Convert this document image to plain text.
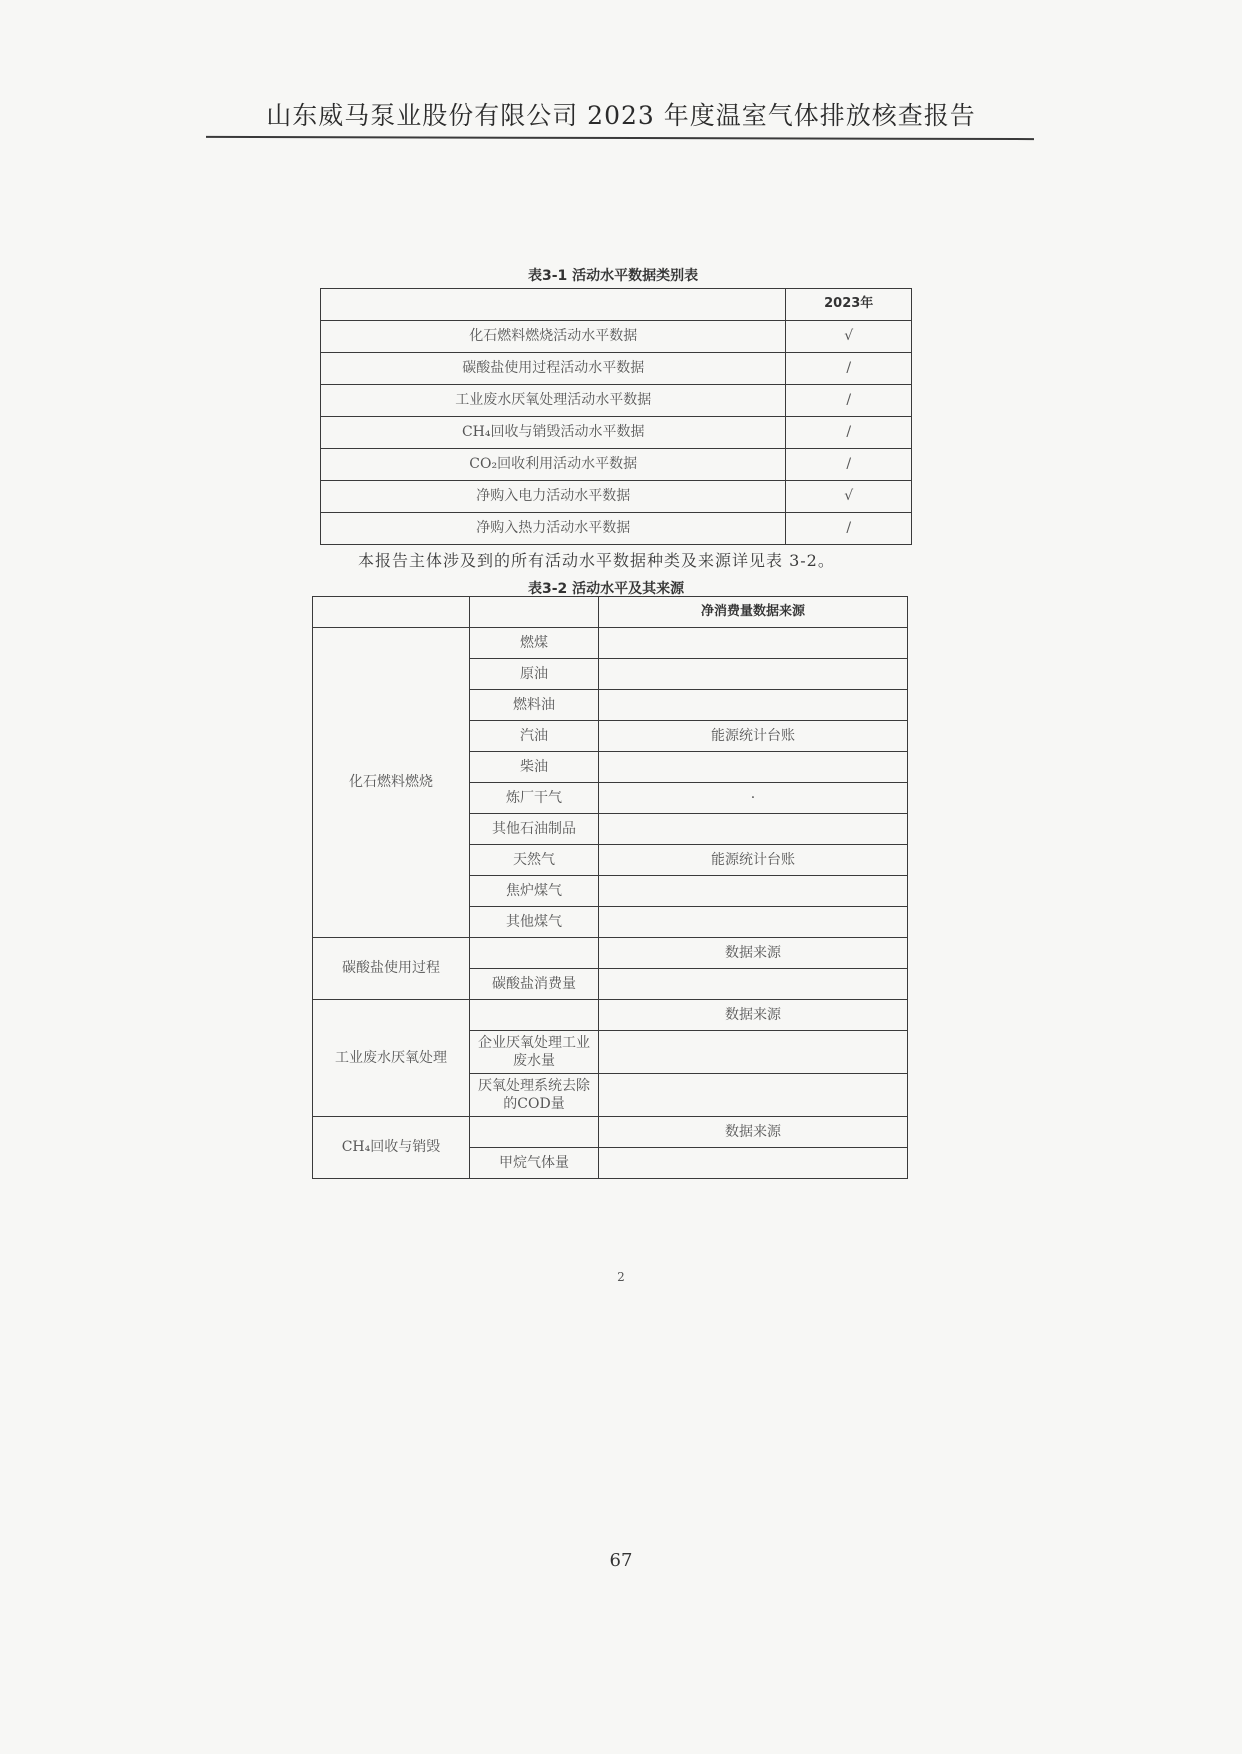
山东威马泵业股份有限公司 2023 年度温室气体排放核查报告
表3-1 活动水平数据类别表
	2023年
化石燃料燃烧活动水平数据	√
碳酸盐使用过程活动水平数据	/
工业废水厌氧处理活动水平数据	/
CH₄回收与销毁活动水平数据	/
CO₂回收利用活动水平数据	/
净购入电力活动水平数据	√
净购入热力活动水平数据	/
本报告主体涉及到的所有活动水平数据种类及来源详见表 3-2。
表3-2 活动水平及其来源
		净消费量数据来源
化石燃料燃烧	燃煤	
	原油	
	燃料油	
	汽油	能源统计台账
	柴油	
	炼厂干气	·
	其他石油制品	
	天然气	能源统计台账
	焦炉煤气	
	其他煤气	
碳酸盐使用过程		数据来源
	碳酸盐消费量	
工业废水厌氧处理		数据来源
	企业厌氧处理工业废水量	
	厌氧处理系统去除的COD量	
CH₄回收与销毁		数据来源
	甲烷气体量	
2
67
